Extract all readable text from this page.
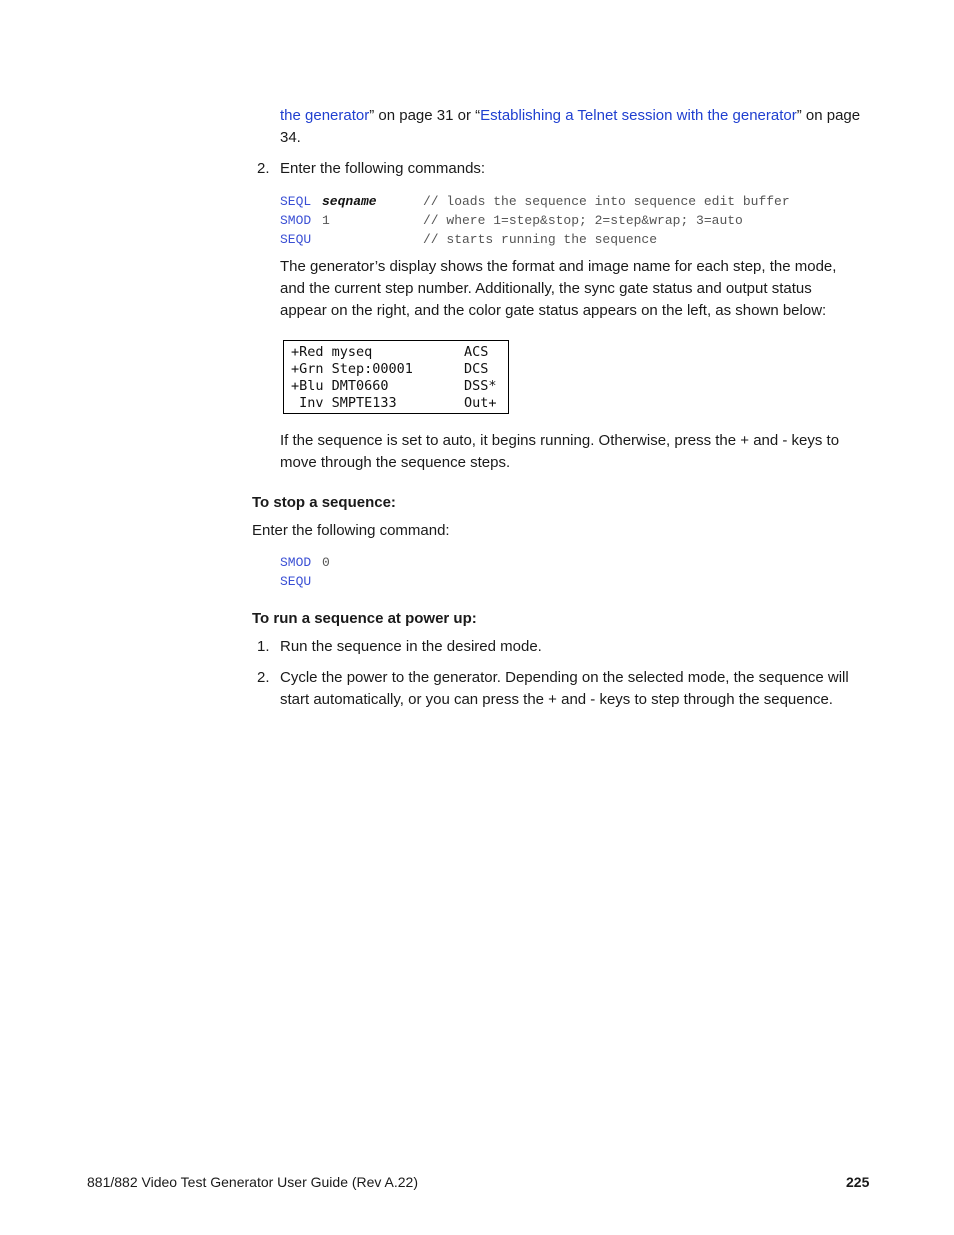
the generator” on page 31 or “Establishing a Telnet session with the generator” on page
34.
2. Enter the following commands:
SEQL seqname	// loads the sequence into sequence edit buffer
SMOD 1	// where 1=step&stop; 2=step&wrap; 3=auto
SEQU	// starts running the sequence
The generator’s display shows the format and image name for each step, the mode,
and the current step number. Additionally, the sync gate status and output status
appear on the right, and the color gate status appears on the left, as shown below:
+Red myseq	ACS
+Grn Step:00001	DCS
+Blu DMT0660	DSS*
Inv SMPTE133	Out+
If the sequence is set to auto, it begins running. Otherwise, press the + and - keys to
move through the sequence steps.
To stop a sequence:
Enter the following command:
SMOD 0
SEQU
To run a sequence at power up:
1. Run the sequence in the desired mode.
2. Cycle the power to the generator. Depending on the selected mode, the sequence will
start automatically, or you can press the + and - keys to step through the sequence.
881/882 Video Test Generator User Guide (Rev A.22)	225
